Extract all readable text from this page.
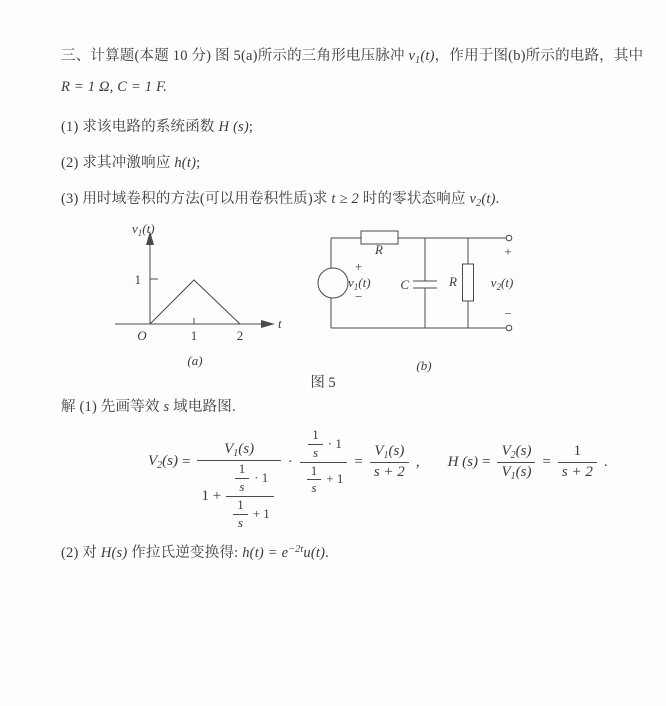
三、计算题(本题 10 分) 图 5(a)所示的三角形电压脉冲 $v_1(t)$，作用于图(b)所示的电路，其中
R = 1 Ω, C = 1 F.
(1) 求该电路的系统函数 H (s);
(2) 求其冲激响应 h(t);
(3) 用时域卷积的方法(可以用卷积性质)求 t ≥ 2 时的零状态响应 $v_2(t)$.
$v_1(t)$
1
O	1	2
t
(a)
R
+
$v_1(t)$
−
C	R
+
$v_2(t)$
−
(b)
图 5
解 (1) 先画等效 s 域电路图.
$V_2(s)$ =
$V_1(s)$
$1 + \frac{\frac{1}{s} \cdot 1}{\frac{1}{s} + 1} \cdot \frac{\frac{1}{s} \cdot 1}{\frac{1}{s} + 1} = \frac{V_1(s)}{s + 2}$ , H $(s) = \frac{V_2(s)}{V_1(s)} = \frac{1}{s + 2}$ .
(2) 对 H(s) 作拉氏逆变换得: $h(t) = e^{-2t}u(t)$.
